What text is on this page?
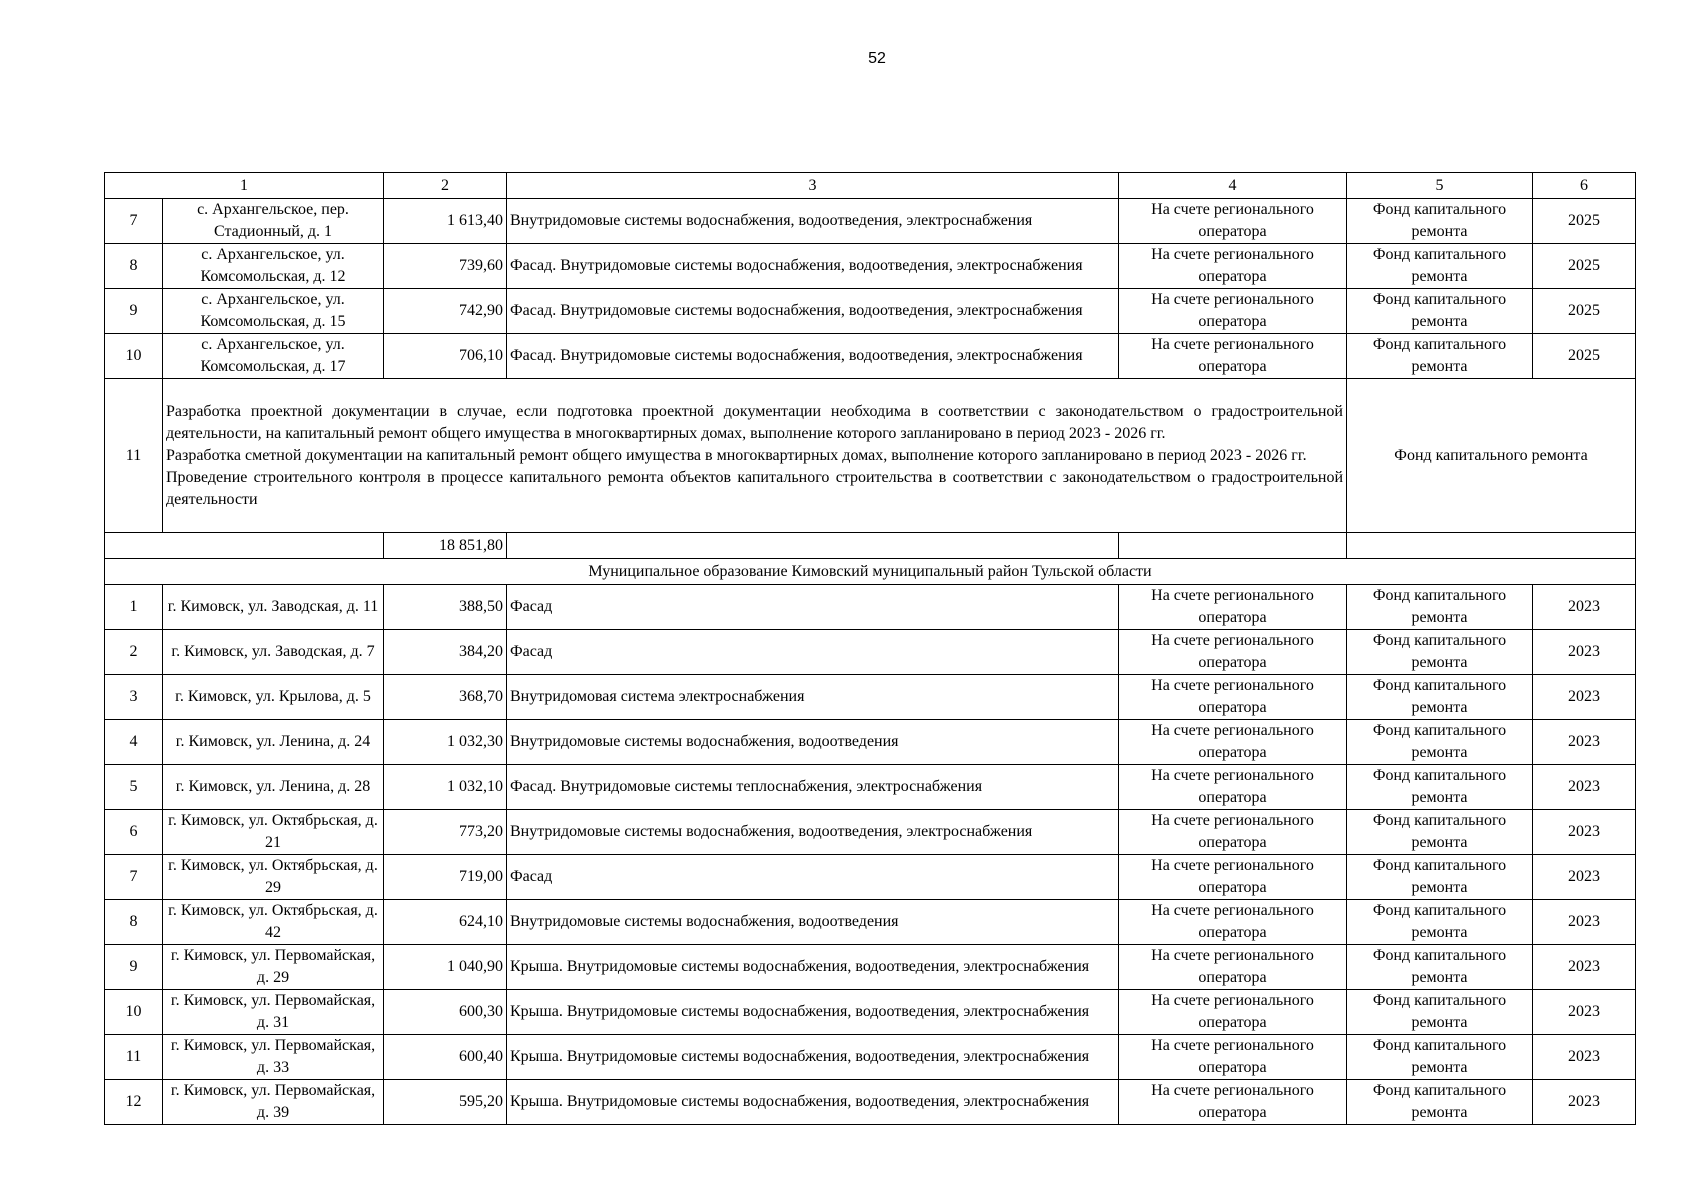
52
1		2	3	4	5	6
7	с. Архангельское, пер. Стадионный, д. 1	1 613,40	Внутридомовые системы водоснабжения, водоотведения, электроснабжения	На счете регионального оператора	Фонд капитального ремонта	2025
8	с. Архангельское, ул. Комсомольская, д. 12	739,60	Фасад. Внутридомовые системы водоснабжения, водоотведения, электроснабжения	На счете регионального оператора	Фонд капитального ремонта	2025
9	с. Архангельское, ул. Комсомольская, д. 15	742,90	Фасад. Внутридомовые системы водоснабжения, водоотведения, электроснабжения	На счете регионального оператора	Фонд капитального ремонта	2025
10	с. Архангельское, ул. Комсомольская, д. 17	706,10	Фасад. Внутридомовые системы водоснабжения, водоотведения, электроснабжения	На счете регионального оператора	Фонд капитального ремонта	2025
11	Разработка проектной документации в случае, если подготовка проектной документации необходима в соответствии с законодательством о градостроительной деятельности, на капитальный ремонт общего имущества в многоквартирных домах, выполнение которого запланировано в период 2023 - 2026 гг.
Разработка сметной документации на капитальный ремонт общего имущества в многоквартирных домах, выполнение которого запланировано в период 2023 - 2026 гг.
Проведение строительного контроля в процессе капитального ремонта объектов капитального строительства в соответствии с законодательством о градостроительной деятельности				Фонд капитального ремонта	
		18 851,80				
Муниципальное образование Кимовский муниципальный район Тульской области						
1	г. Кимовск, ул. Заводская, д. 11	388,50	Фасад	На счете регионального оператора	Фонд капитального ремонта	2023
2	г. Кимовск, ул. Заводская, д. 7	384,20	Фасад	На счете регионального оператора	Фонд капитального ремонта	2023
3	г. Кимовск, ул. Крылова, д. 5	368,70	Внутридомовая система электроснабжения	На счете регионального оператора	Фонд капитального ремонта	2023
4	г. Кимовск, ул. Ленина, д. 24	1 032,30	Внутридомовые системы водоснабжения, водоотведения	На счете регионального оператора	Фонд капитального ремонта	2023
5	г. Кимовск, ул. Ленина, д. 28	1 032,10	Фасад. Внутридомовые системы теплоснабжения, электроснабжения	На счете регионального оператора	Фонд капитального ремонта	2023
6	г. Кимовск, ул. Октябрьская, д. 21	773,20	Внутридомовые системы водоснабжения, водоотведения, электроснабжения	На счете регионального оператора	Фонд капитального ремонта	2023
7	г. Кимовск, ул. Октябрьская, д. 29	719,00	Фасад	На счете регионального оператора	Фонд капитального ремонта	2023
8	г. Кимовск, ул. Октябрьская, д. 42	624,10	Внутридомовые системы водоснабжения, водоотведения	На счете регионального оператора	Фонд капитального ремонта	2023
9	г. Кимовск, ул. Первомайская, д. 29	1 040,90	Крыша. Внутридомовые системы водоснабжения, водоотведения, электроснабжения	На счете регионального оператора	Фонд капитального ремонта	2023
10	г. Кимовск, ул. Первомайская, д. 31	600,30	Крыша. Внутридомовые системы водоснабжения, водоотведения, электроснабжения	На счете регионального оператора	Фонд капитального ремонта	2023
11	г. Кимовск, ул. Первомайская, д. 33	600,40	Крыша. Внутридомовые системы водоснабжения, водоотведения, электроснабжения	На счете регионального оператора	Фонд капитального ремонта	2023
12	г. Кимовск, ул. Первомайская, д. 39	595,20	Крыша. Внутридомовые системы водоснабжения, водоотведения, электроснабжения	На счете регионального оператора	Фонд капитального ремонта	2023
